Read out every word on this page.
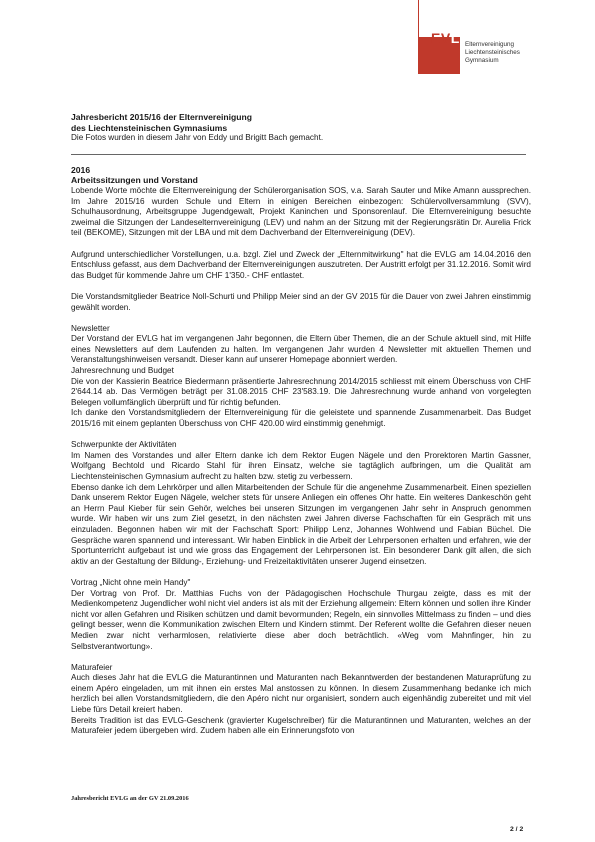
EVLG
Elternvereinigung
Liechtensteinisches
Gymnasium

Jahresbericht 2015/16 der Elternvereinigung

des Liechtensteinischen Gymnasiums

Die Fotos wurden in diesem Jahr von Eddy und Brigitt Bach gemacht.

2016

Arbeitssitzungen und Vorstand

Lobende Worte möchte die Elternvereinigung der Schülerorganisation SOS, v.a. Sarah Sauter und Mike Amann aussprechen. Im Jahre 2015/16 wurden Schule und Eltern in einigen Bereichen einbezogen: Schülervollversammlung (SVV), Schulhausordnung, Arbeitsgruppe Jugendgewalt, Projekt Kaninchen und Sponsorenlauf. Die Elternvereinigung besuchte zweimal die Sitzungen der Landeselternvereinigung (LEV) und nahm an der Sitzung mit der Regierungsrätin Dr. Aurelia Frick teil (BEKOME), Sitzungen mit der LBA und mit dem Dachverband der Elternvereinigung (DEV).

Aufgrund unterschiedlicher Vorstellungen, u.a. bzgl. Ziel und Zweck der „Elternmitwirkung" hat die EVLG am 14.04.2016 den Entschluss gefasst, aus dem Dachverband der Elternvereinigungen auszutreten. Der Austritt erfolgt per 31.12.2016. Somit wird das Budget für kommende Jahre um CHF 1'350.- CHF entlastet.

Die Vorstandsmitglieder Beatrice Noll-Schurti und Philipp Meier sind an der GV 2015 für die Dauer von zwei Jahren einstimmig gewählt worden.

Newsletter

Der Vorstand der EVLG hat im vergangenen Jahr begonnen, die Eltern über Themen, die an der Schule aktuell sind, mit Hilfe eines Newsletters auf dem Laufenden zu halten. Im vergangenen Jahr wurden 4 Newsletter mit aktuellen Themen und Veranstaltungshinweisen versandt. Dieser kann auf unserer Homepage abonniert werden.

Jahresrechnung und Budget

Die von der Kassierin Beatrice Biedermann präsentierte Jahresrechnung 2014/2015 schliesst mit einem Überschuss von CHF 2'644.14 ab. Das Vermögen beträgt per 31.08.2015 CHF 23'583.19. Die Jahresrechnung wurde anhand von vorgelegten Belegen vollumfänglich überprüft und für richtig befunden.

Ich danke den Vorstandsmitgliedern der Elternvereinigung für die geleistete und spannende Zusammenarbeit. Das Budget 2015/16 mit einem geplanten Überschuss von CHF 420.00 wird einstimmig genehmigt.

Schwerpunkte der Aktivitäten

Im Namen des Vorstandes und aller Eltern danke ich dem Rektor Eugen Nägele und den Prorektoren Martin Gassner, Wolfgang Bechtold und Ricardo Stahl für ihren Einsatz, welche sie tagtäglich aufbringen, um die Qualität am Liechtensteinischen Gymnasium aufrecht zu halten bzw. stetig zu verbessern.

Ebenso danke ich dem Lehrkörper und allen Mitarbeitenden der Schule für die angenehme Zusammenarbeit. Einen speziellen Dank unserem Rektor Eugen Nägele, welcher stets für unsere Anliegen ein offenes Ohr hatte. Ein weiteres Dankeschön geht an Herrn Paul Kieber für sein Gehör, welches bei unseren Sitzungen im vergangenen Jahr sehr in Anspruch genommen wurde. Wir haben wir uns zum Ziel gesetzt, in den nächsten zwei Jahren diverse Fachschaften für ein Gespräch mit uns einzuladen. Begonnen haben wir mit der Fachschaft Sport: Philipp Lenz, Johannes Wohlwend und Fabian Büchel. Die Gespräche waren spannend und interessant. Wir haben Einblick in die Arbeit der Lehrpersonen erhalten und erfahren, wie der Sportunterricht aufgebaut ist und wie gross das Engagement der Lehrpersonen ist. Ein besonderer Dank gilt allen, die sich aktiv an der Gestaltung der Bildung-, Erziehung- und Freizeitaktivitäten unserer Jugend einsetzen.

Vortrag „Nicht ohne mein Handy"

Der Vortrag von Prof. Dr. Matthias Fuchs von der Pädagogischen Hochschule Thurgau zeigte, dass es mit der Medienkompetenz Jugendlicher wohl nicht viel anders ist als mit der Erziehung allgemein: Eltern können und sollen ihre Kinder nicht vor allen Gefahren und Risiken schützen und damit bevormunden; Regeln, ein sinnvolles Mittelmass zu finden – und dies gelingt besser, wenn die Kommunikation zwischen Eltern und Kindern stimmt. Der Referent wollte die Gefahren dieser neuen Medien zwar nicht verharmlosen, relativierte diese aber doch beträchtlich. «Weg vom Mahnfinger, hin zu Selbstverantwortung».

Maturafeier

Auch dieses Jahr hat die EVLG die Maturantinnen und Maturanten nach Bekanntwerden der bestandenen Maturaprüfung zu einem Apéro eingeladen, um mit ihnen ein erstes Mal anstossen zu können. In diesem Zusammenhang bedanke ich mich herzlich bei allen Vorstandsmitgliedern, die den Apéro nicht nur organisiert, sondern auch eigenhändig zubereitet und mit viel Liebe fürs Detail kreiert haben.

Bereits Tradition ist das EVLG-Geschenk (gravierter Kugelschreiber) für die Maturantinnen und Maturanten, welches an der Maturafeier jedem übergeben wird. Zudem haben alle ein Erinnerungsfoto von

Jahresbericht EVLG an der GV 21.09.2016
2 / 2
